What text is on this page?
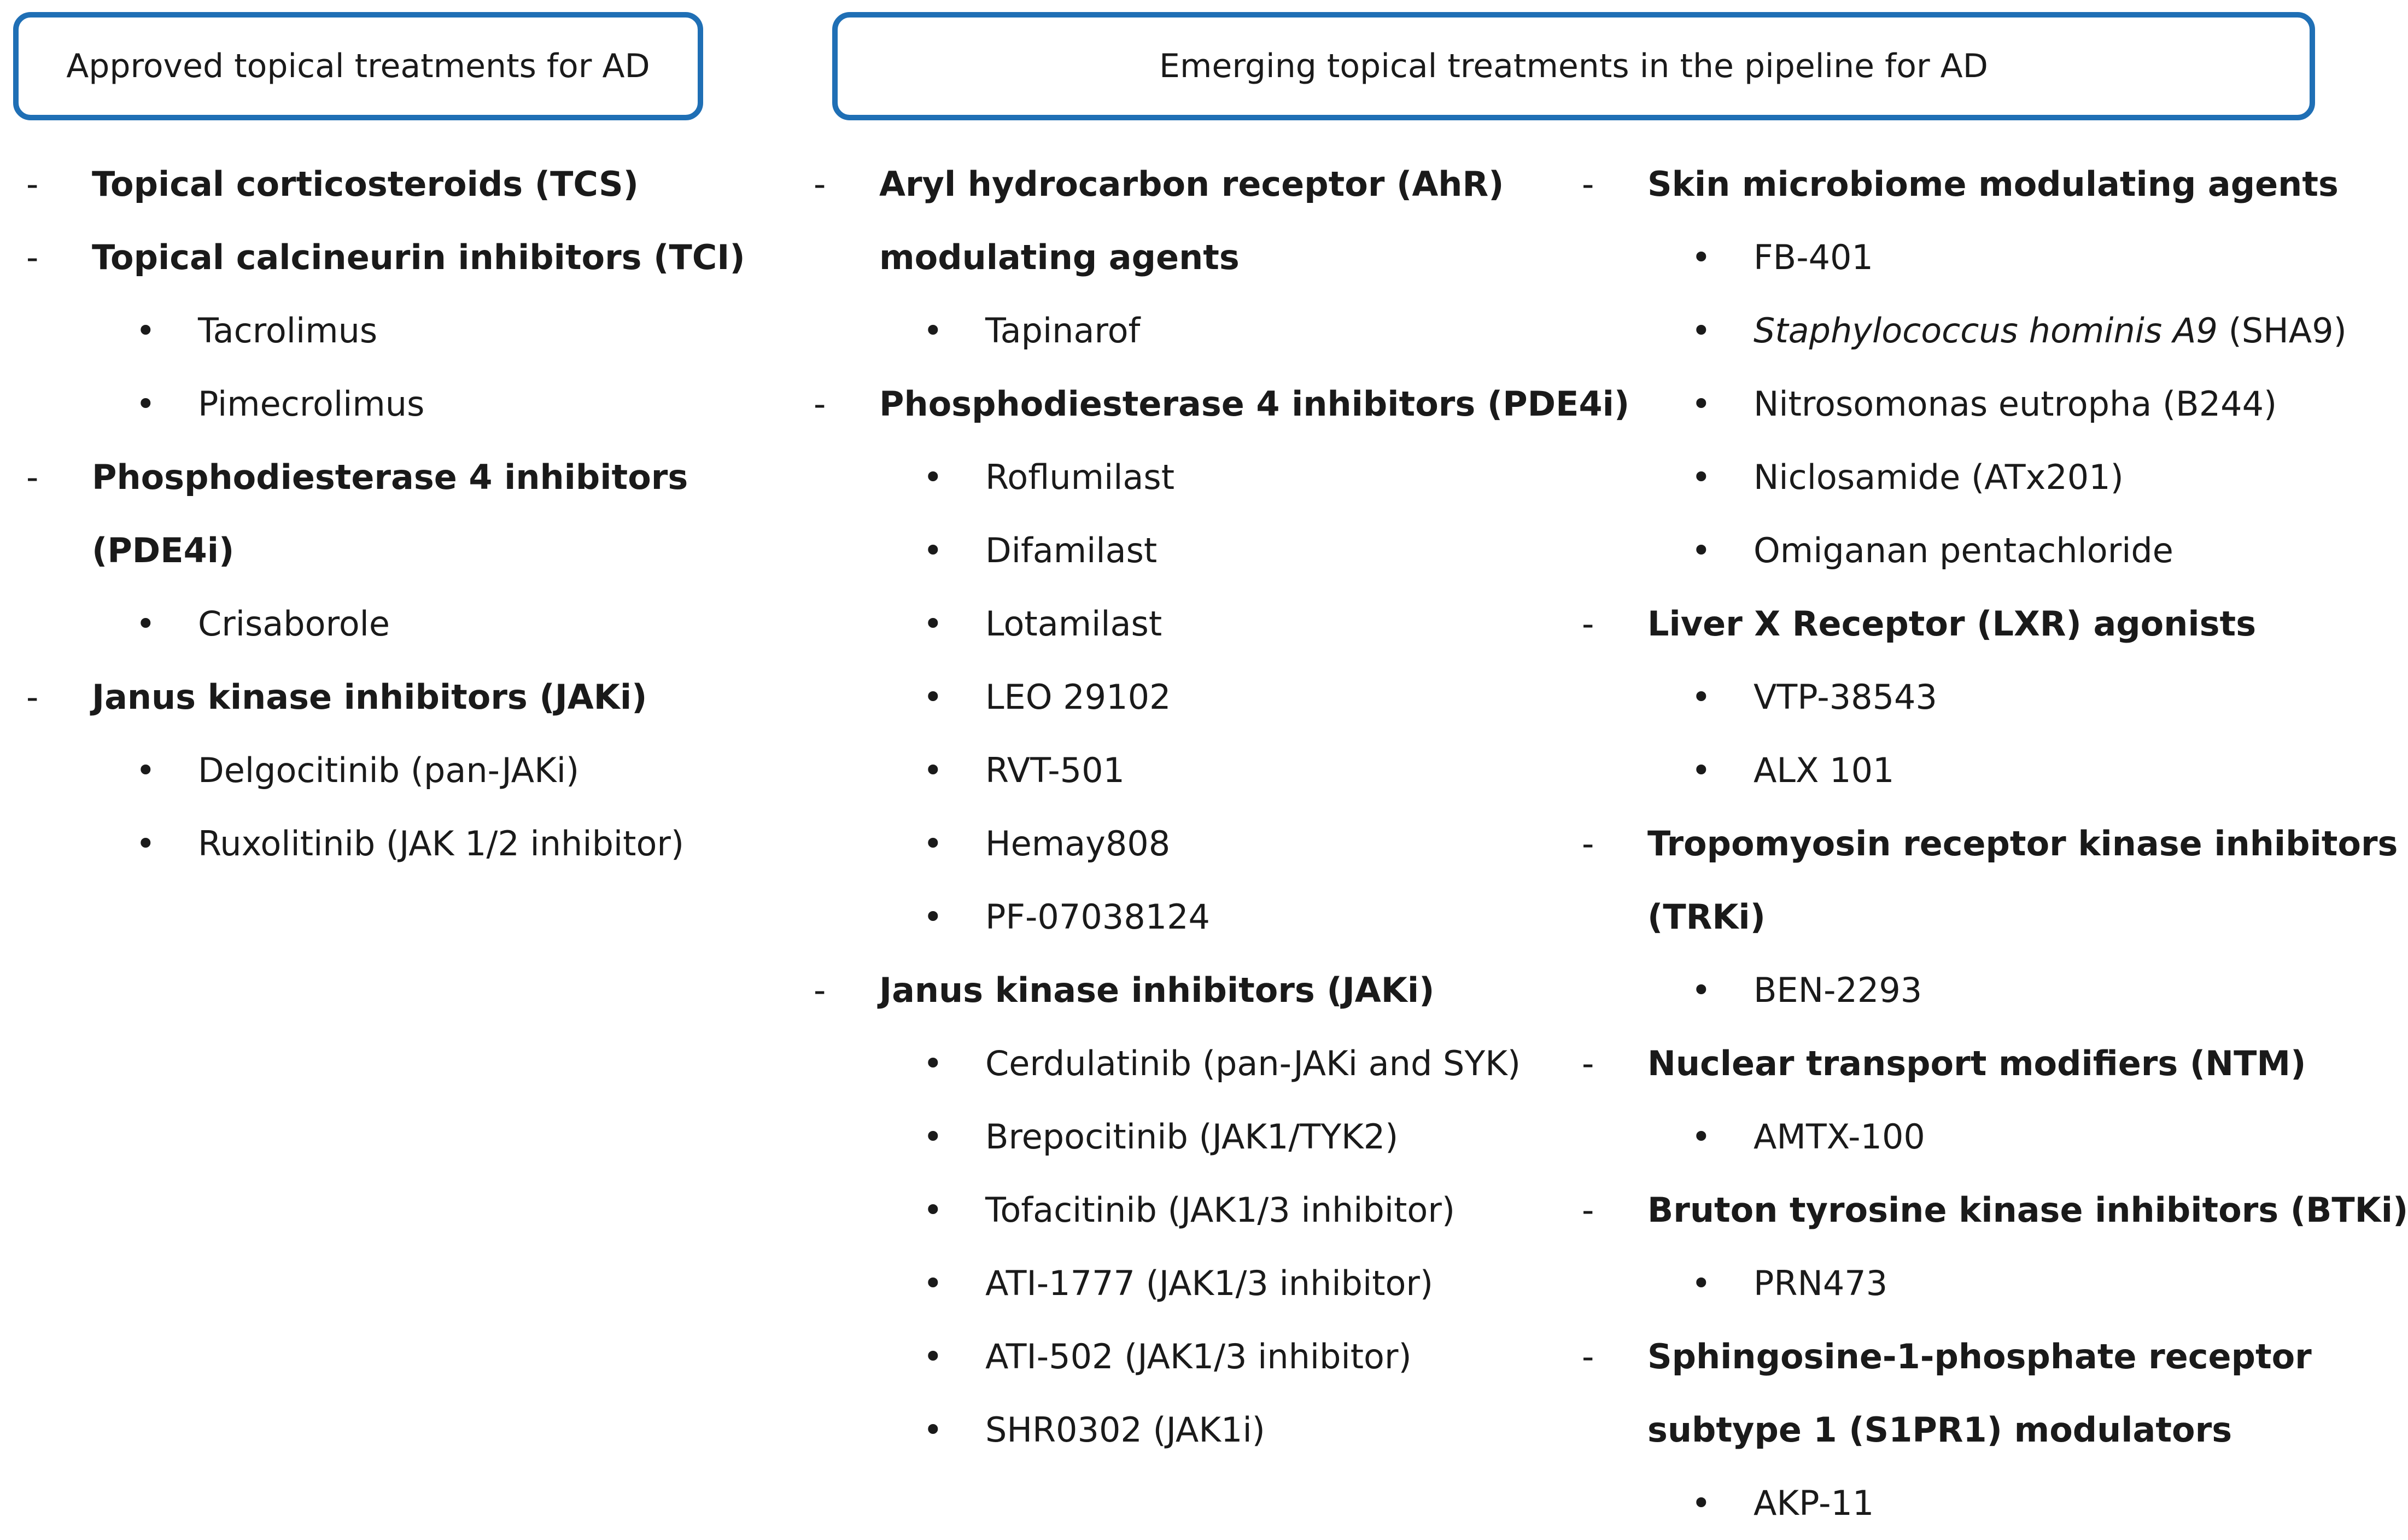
Approved topical treatments for AD	Emerging topical treatments in the pipeline for AD
- Topical corticosteroids (TCS)
- Topical calcineurin inhibitors (TCI)
• Tacrolimus
• Pimecrolimus
- Phosphodiesterase 4 inhibitors
(PDE4i)
• Crisaborole
- Janus kinase inhibitors (JAKi)
• Delgocitinib (pan-JAKi)
• Ruxolitinib (JAK 1/2 inhibitor)
- Aryl hydrocarbon receptor (AhR)
modulating agents
• Tapinarof
- Phosphodiesterase 4 inhibitors (PDE4i)
• Roflumilast
• Difamilast
• Lotamilast
• LEO 29102
• RVT-501
• Hemay808
• PF-07038124
- Janus kinase inhibitors (JAKi)
• Cerdulatinib (pan-JAKi and SYK)
• Brepocitinib (JAK1/TYK2)
• Tofacitinib (JAK1/3 inhibitor)
• ATI-1777 (JAK1/3 inhibitor)
• ATI-502 (JAK1/3 inhibitor)
• SHR0302 (JAK1i)
- Skin microbiome modulating agents
• FB-401
• Staphylococcus hominis A9 (SHA9)
• Nitrosomonas eutropha (B244)
• Niclosamide (ATx201)
• Omiganan pentachloride
- Liver X Receptor (LXR) agonists
• VTP-38543
• ALX 101
- Tropomyosin receptor kinase inhibitors
(TRKi)
• BEN-2293
- Nuclear transport modifiers (NTM)
• AMTX-100
- Bruton tyrosine kinase inhibitors (BTKi)
• PRN473
- Sphingosine-1-phosphate receptor
subtype 1 (S1PR1) modulators
• AKP-11
